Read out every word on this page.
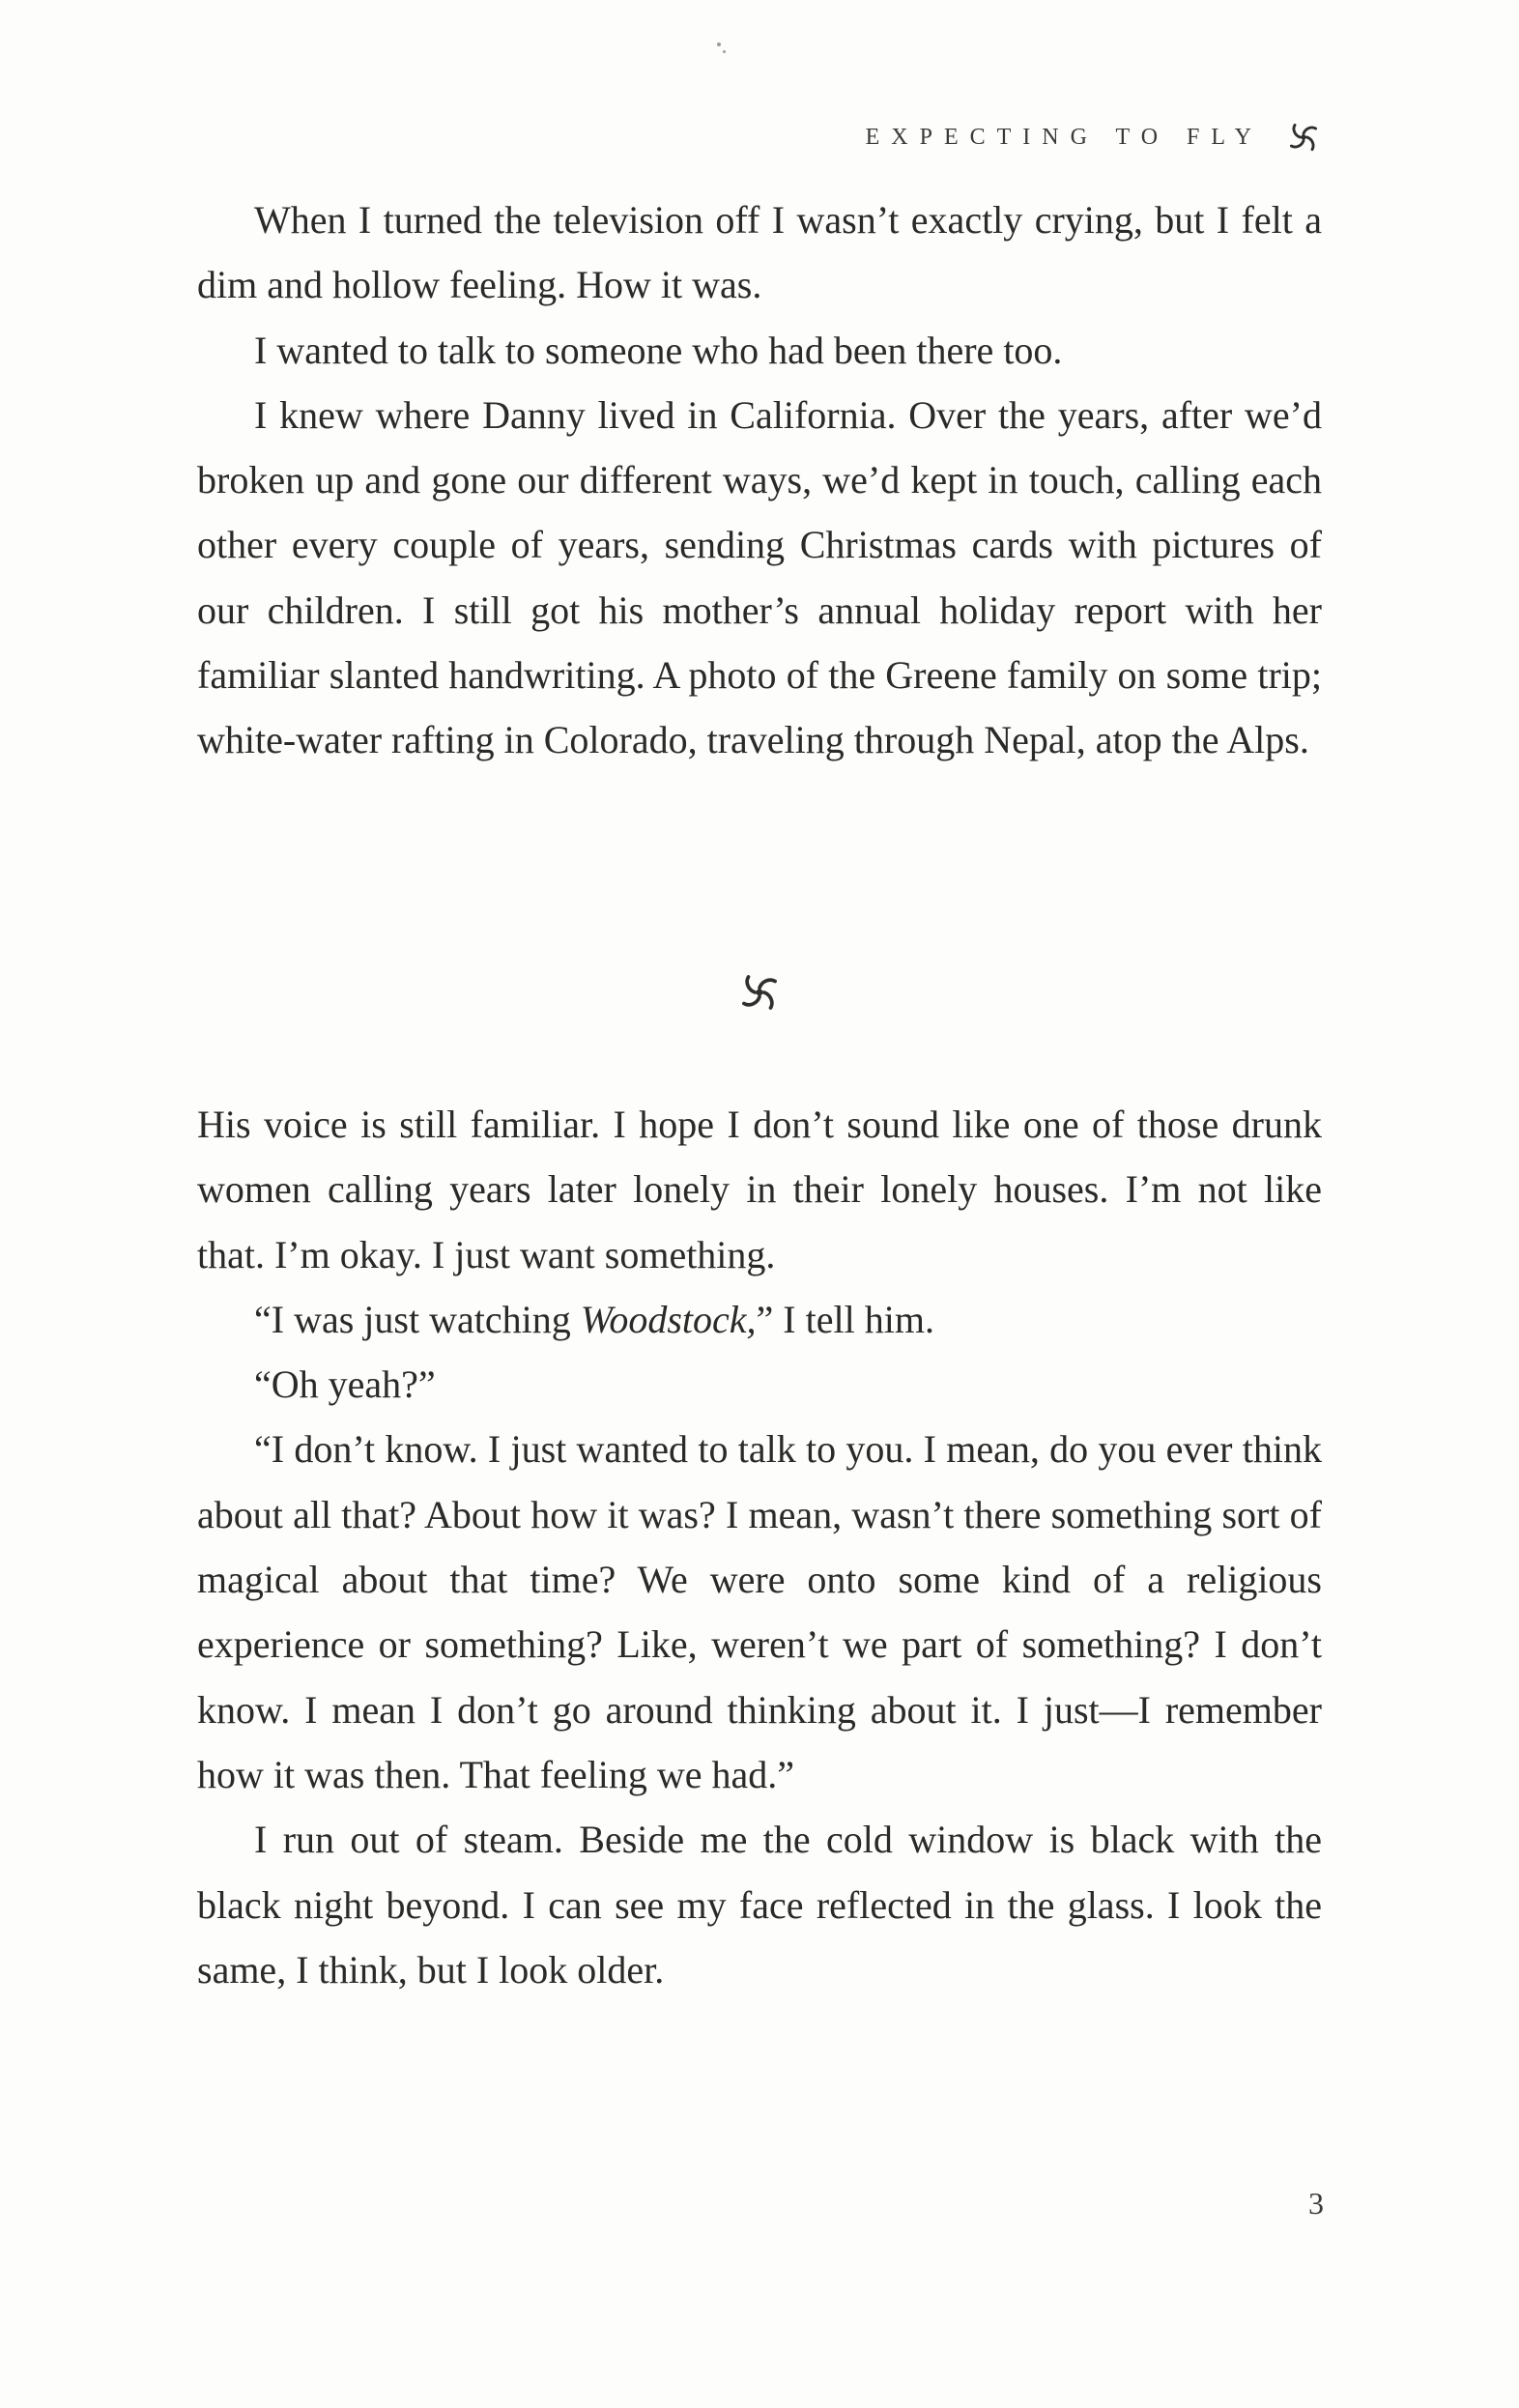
EXPECTING TO FLY

When I turned the television off I wasn’t exactly crying, but I felt a dim and hollow feeling. How it was.

I wanted to talk to someone who had been there too.

I knew where Danny lived in California. Over the years, after we’d broken up and gone our different ways, we’d kept in touch, calling each other every couple of years, sending Christmas cards with pictures of our children. I still got his mother’s annual holiday report with her familiar slanted handwriting. A photo of the Greene family on some trip; white-water rafting in Colorado, traveling through Nepal, atop the Alps.

His voice is still familiar. I hope I don’t sound like one of those drunk women calling years later lonely in their lonely houses. I’m not like that. I’m okay. I just want something.

“I was just watching Woodstock,” I tell him.

“Oh yeah?”

“I don’t know. I just wanted to talk to you. I mean, do you ever think about all that? About how it was? I mean, wasn’t there something sort of magical about that time? We were onto some kind of a religious experience or something? Like, weren’t we part of something? I don’t know. I mean I don’t go around thinking about it. I just—I remember how it was then. That feeling we had.”

I run out of steam. Beside me the cold window is black with the black night beyond. I can see my face reflected in the glass. I look the same, I think, but I look older.

3
